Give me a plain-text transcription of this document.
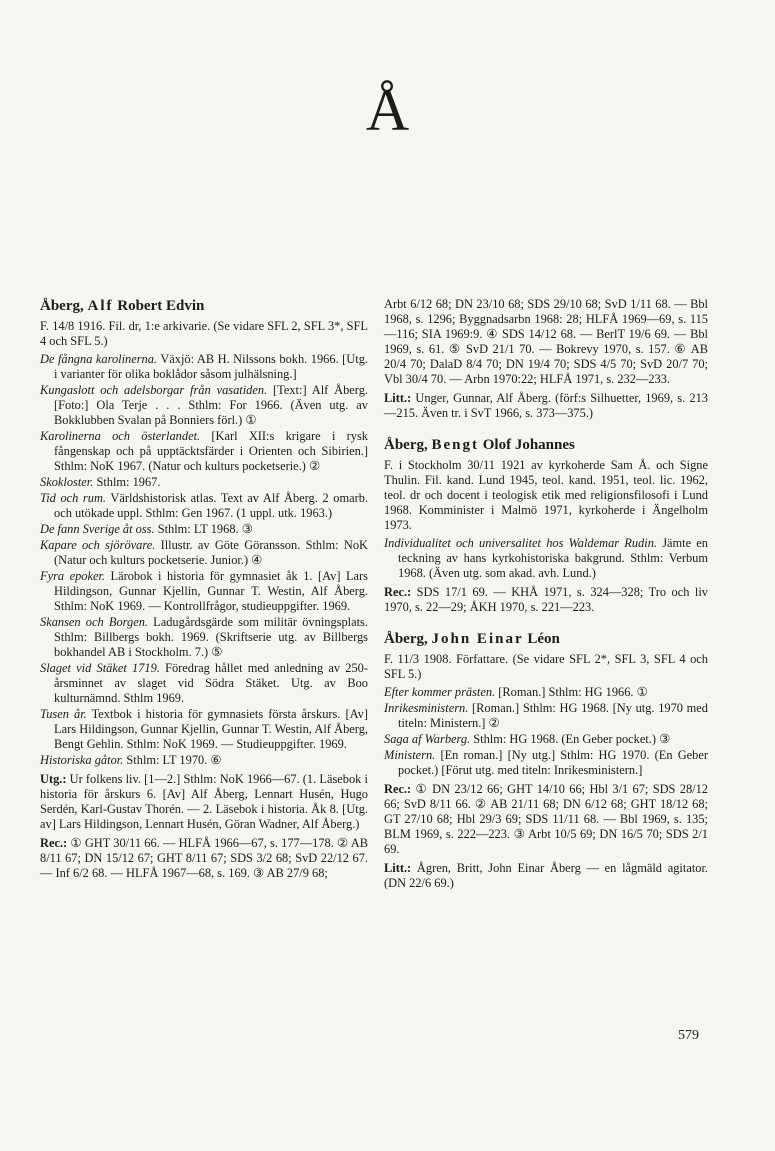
Å
Åberg, Alf Robert Edvin
F. 14/8 1916. Fil. dr, 1:e arkivarie. (Se vidare SFL 2, SFL 3*, SFL 4 och SFL 5.)
De fångna karolinerna. Växjö: AB H. Nilssons bokh. 1966. [Utg. i varianter för olika boklådor såsom julhälsning.]
Kungaslott och adelsborgar från vasatiden. [Text:] Alf Åberg. [Foto:] Ola Terje . . . Sthlm: For 1966. (Även utg. av Bokklubben Svalan på Bonniers förl.) ①
Karolinerna och österlandet. [Karl XII:s krigare i rysk fångenskap och på upptäcktsfärder i Orienten och Sibirien.] Sthlm: NoK 1967. (Natur och kulturs pocketserie.) ②
Skokloster. Sthlm: 1967.
Tid och rum. Världshistorisk atlas. Text av Alf Åberg. 2 omarb. och utökade uppl. Sthlm: Gen 1967. (1 uppl. utk. 1963.)
De fann Sverige åt oss. Sthlm: LT 1968. ③
Kapare och sjörövare. Illustr. av Göte Göransson. Sthlm: NoK (Natur och kulturs pocketserie. Junior.) ④
Fyra epoker. Lärobok i historia för gymnasiet åk 1. [Av] Lars Hildingson, Gunnar Kjellin, Gunnar T. Westin, Alf Åberg. Sthlm: NoK 1969. — Kontrollfrågor, studieuppgifter. 1969.
Skansen och Borgen. Ladugårdsgärde som militär övningsplats. Sthlm: Billbergs bokh. 1969. (Skriftserie utg. av Billbergs bokhandel AB i Stockholm. 7.) ⑤
Slaget vid Stäket 1719. Föredrag hållet med anledning av 250-årsminnet av slaget vid Södra Stäket. Utg. av Boo kulturnämnd. Sthlm 1969.
Tusen år. Textbok i historia för gymnasiets första årskurs. [Av] Lars Hildingson, Gunnar Kjellin, Gunnar T. Westin, Alf Åberg, Bengt Gehlin. Sthlm: NoK 1969. — Studieuppgifter. 1969.
Historiska gåtor. Sthlm: LT 1970. ⑥
Utg.: Ur folkens liv. [1—2.] Sthlm: NoK 1966—67. (1. Läsebok i historia för årskurs 6. [Av] Alf Åberg, Lennart Husén, Hugo Serdén, Karl-Gustav Thorén. — 2. Läsebok i historia. Åk 8. [Utg. av] Lars Hildingson, Lennart Husén, Göran Wadner, Alf Åberg.)
Rec.: ① GHT 30/11 66. — HLFÅ 1966—67, s. 177—178. ② AB 8/11 67; DN 15/12 67; GHT 8/11 67; SDS 3/2 68; SvD 22/12 67. — Inf 6/2 68. — HLFÅ 1967—68, s. 169. ③ AB 27/9 68;
Arbt 6/12 68; DN 23/10 68; SDS 29/10 68; SvD 1/11 68. — Bbl 1968, s. 1296; Byggnadsarbn 1968: 28; HLFÅ 1969—69, s. 115—116; SIA 1969:9. ④ SDS 14/12 68. — BerlT 19/6 69. — Bbl 1969, s. 61. ⑤ SvD 21/1 70. — Bokrevy 1970, s. 157. ⑥ AB 20/4 70; DalaD 8/4 70; DN 19/4 70; SDS 4/5 70; SvD 20/7 70; Vbl 30/4 70. — Arbn 1970:22; HLFÅ 1971, s. 232—233.
Litt.: Unger, Gunnar, Alf Åberg. (förf:s Silhuetter, 1969, s. 213—215. Även tr. i SvT 1966, s. 373—375.)
Åberg, Bengt Olof Johannes
F. i Stockholm 30/11 1921 av kyrkoherde Sam Å. och Signe Thulin. Fil. kand. Lund 1945, teol. kand. 1951, teol. lic. 1962, teol. dr och docent i teologisk etik med religionsfilosofi i Lund 1968. Komminister i Malmö 1971, kyrkoherde i Ängelholm 1973.
Individualitet och universalitet hos Waldemar Rudin. Jämte en teckning av hans kyrkohistoriska bakgrund. Sthlm: Verbum 1968. (Även utg. som akad. avh. Lund.)
Rec.: SDS 17/1 69. — KHÅ 1971, s. 324—328; Tro och liv 1970, s. 22—29; ÅKH 1970, s. 221—223.
Åberg, John Einar Léon
F. 11/3 1908. Författare. (Se vidare SFL 2*, SFL 3, SFL 4 och SFL 5.)
Efter kommer prästen. [Roman.] Sthlm: HG 1966. ①
Inrikesministern. [Roman.] Sthlm: HG 1968. [Ny utg. 1970 med titeln: Ministern.] ②
Saga af Warberg. Sthlm: HG 1968. (En Geber pocket.) ③
Ministern. [En roman.] [Ny utg.] Sthlm: HG 1970. (En Geber pocket.) [Förut utg. med titeln: Inrikesministern.]
Rec.: ① DN 23/12 66; GHT 14/10 66; Hbl 3/1 67; SDS 28/12 66; SvD 8/11 66. ② AB 21/11 68; DN 6/12 68; GHT 18/12 68; GT 27/10 68; Hbl 29/3 69; SDS 11/11 68. — Bbl 1969, s. 135; BLM 1969, s. 222—223. ③ Arbt 10/5 69; DN 16/5 70; SDS 2/1 69.
Litt.: Ågren, Britt, John Einar Åberg — en lågmäld agitator. (DN 22/6 69.)
579
